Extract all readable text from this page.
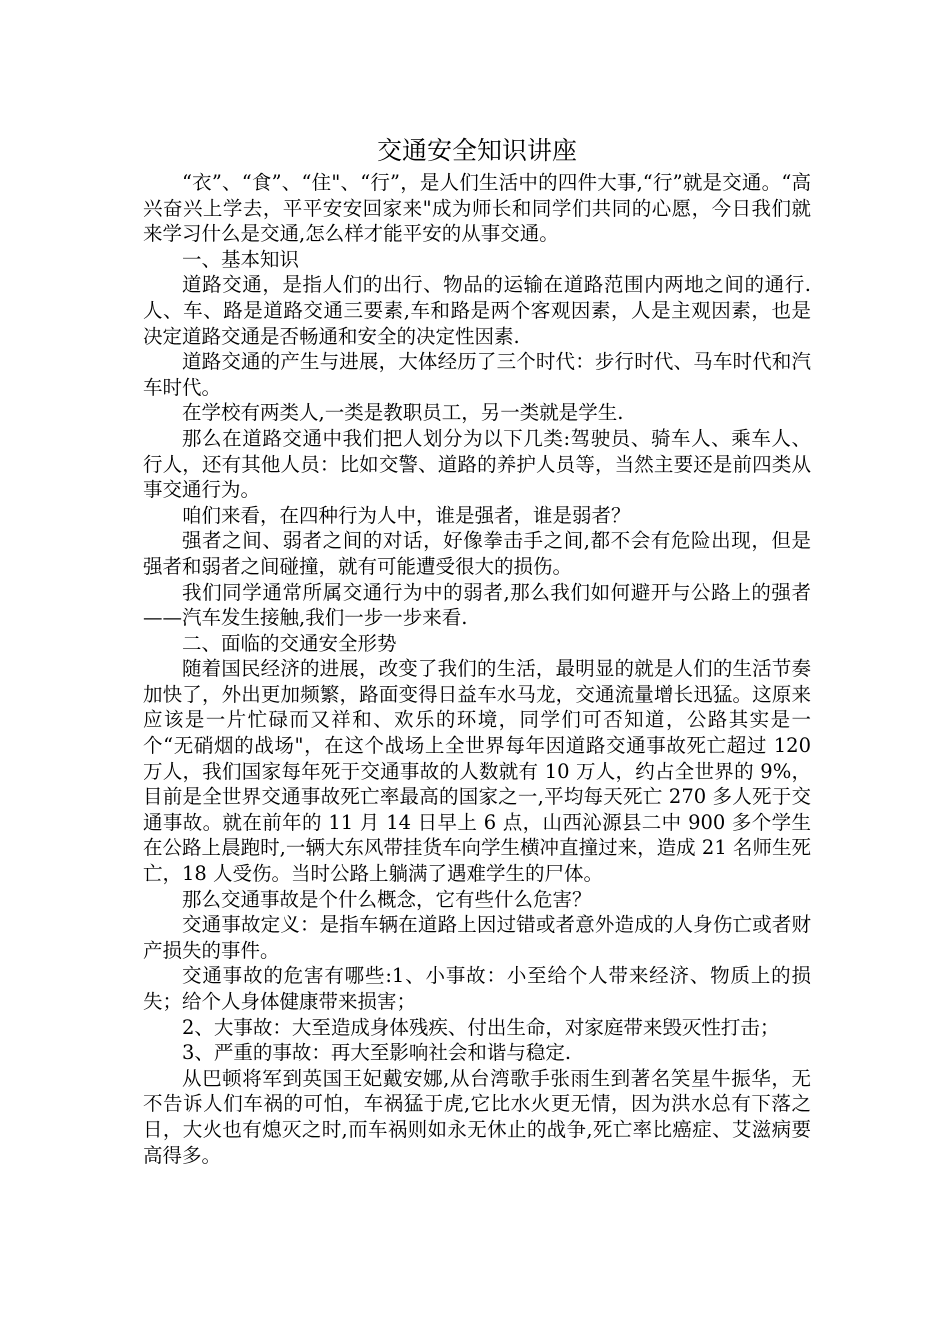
交通安全知识讲座

“衣”、“食”、“住"、“行”，是人们生活中的四件大事,“行”就是交通。“高兴奋兴上学去，平平安安回家来"成为师长和同学们共同的心愿，今日我们就来学习什么是交通,怎么样才能平安的从事交通。

一、基本知识

道路交通，是指人们的出行、物品的运输在道路范围内两地之间的通行.人、车、路是道路交通三要素,车和路是两个客观因素，人是主观因素，也是决定道路交通是否畅通和安全的决定性因素.

道路交通的产生与进展，大体经历了三个时代：步行时代、马车时代和汽车时代。

在学校有两类人,一类是教职员工，另一类就是学生.

那么在道路交通中我们把人划分为以下几类:驾驶员、骑车人、乘车人、行人，还有其他人员：比如交警、道路的养护人员等，当然主要还是前四类从事交通行为。

咱们来看，在四种行为人中，谁是强者，谁是弱者？

强者之间、弱者之间的对话，好像拳击手之间,都不会有危险出现，但是强者和弱者之间碰撞，就有可能遭受很大的损伤。

我们同学通常所属交通行为中的弱者,那么我们如何避开与公路上的强者——汽车发生接触,我们一步一步来看.

二、面临的交通安全形势

随着国民经济的进展，改变了我们的生活，最明显的就是人们的生活节奏加快了，外出更加频繁，路面变得日益车水马龙，交通流量增长迅猛。这原来应该是一片忙碌而又祥和、欢乐的环境，同学们可否知道，公路其实是一个“无硝烟的战场"，在这个战场上全世界每年因道路交通事故死亡超过 120 万人，我们国家每年死于交通事故的人数就有 10 万人，约占全世界的 9%，目前是全世界交通事故死亡率最高的国家之一,平均每天死亡 270 多人死于交通事故。就在前年的 11 月 14 日早上 6 点，山西沁源县二中 900 多个学生在公路上晨跑时,一辆大东风带挂货车向学生横冲直撞过来，造成 21 名师生死亡，18 人受伤。当时公路上躺满了遇难学生的尸体。

那么交通事故是个什么概念，它有些什么危害？

交通事故定义：是指车辆在道路上因过错或者意外造成的人身伤亡或者财产损失的事件。

交通事故的危害有哪些:1、小事故：小至给个人带来经济、物质上的损失；给个人身体健康带来损害；

2、大事故：大至造成身体残疾、付出生命，对家庭带来毁灭性打击；

3、严重的事故：再大至影响社会和谐与稳定.

从巴顿将军到英国王妃戴安娜,从台湾歌手张雨生到著名笑星牛振华，无不告诉人们车祸的可怕，车祸猛于虎,它比水火更无情，因为洪水总有下落之日，大火也有熄灭之时,而车祸则如永无休止的战争,死亡率比癌症、艾滋病要高得多。
